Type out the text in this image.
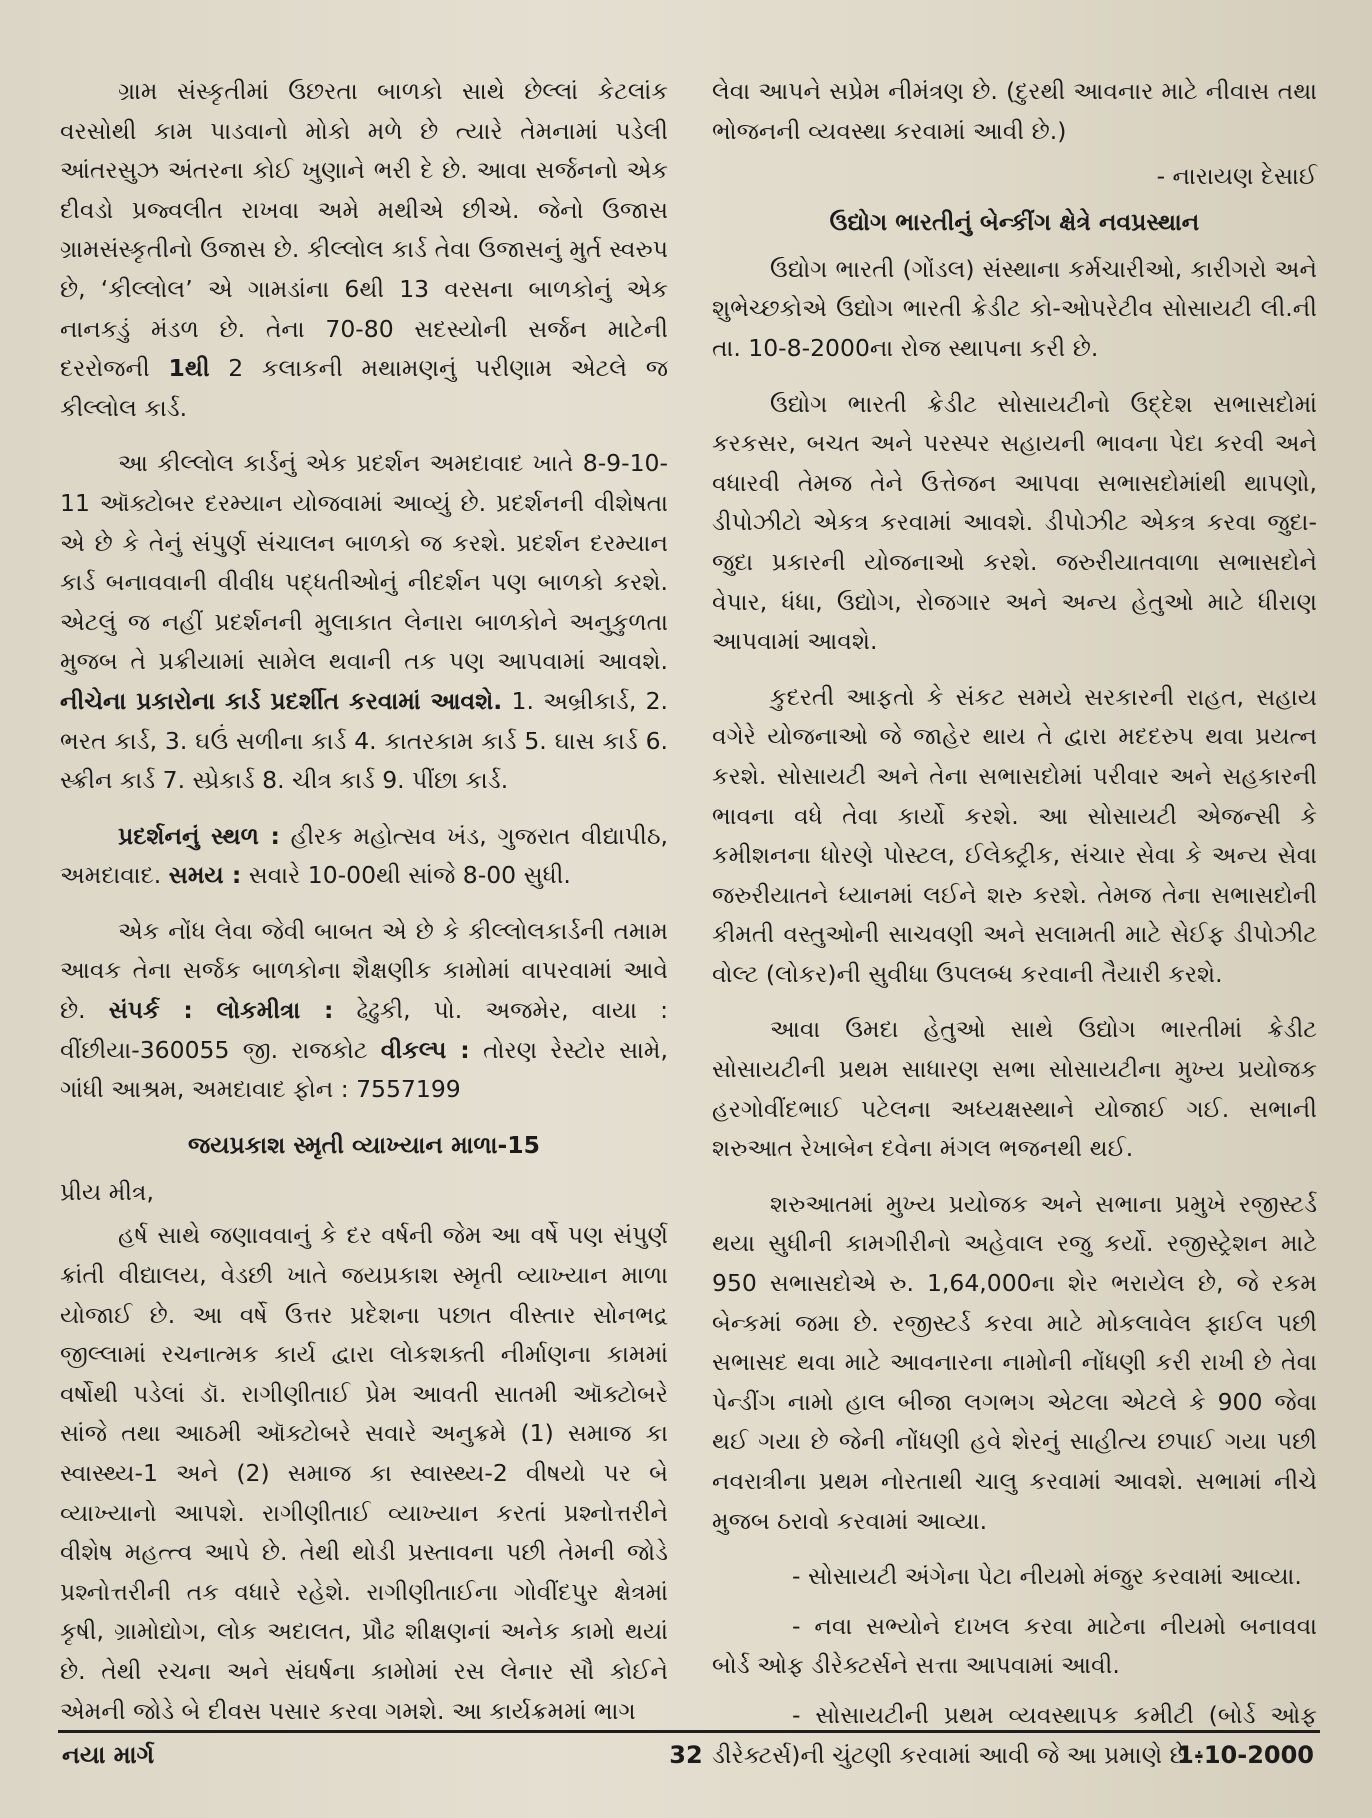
ગ્રામ સંસ્કૃતીમાં ઉછરતા બાળકો સાથે છેલ્લાં કેટલાંક વરસોથી કામ પાડવાનો મોકો મળે છે ત્યારે તેમનામાં પડેલી આંતરસુઝ અંતરના કોઈ ખુણાને ભરી દે છે. આવા સર્જનનો એક દીવડો પ્રજ્વલીત રાખવા અમે મથીએ છીએ. જેનો ઉજાસ ગ્રામસંસ્કૃતીનો ઉજાસ છે. કીલ્લોલ કાર્ડ તેવા ઉજાસનું મુર્ત સ્વરુપ છે, ‘કીલ્લોલ’ એ ગામડાંના 6થી 13 વરસના બાળકોનું એક નાનકડું મંડળ છે. તેના 70-80 સદસ્યોની સર્જન માટેની દરરોજની 1થી 2 કલાકની મથામણનું પરીણામ એટલે જ કીલ્લોલ કાર્ડ.

આ કીલ્લોલ કાર્ડનું એક પ્રદર્શન અમદાવાદ ખાતે 8-9-10-11 ઑક્ટોબર દરમ્યાન યોજવામાં આવ્યું છે. પ્રદર્શનની વીશેષતા એ છે કે તેનું સંપુર્ણ સંચાલન બાળકો જ કરશે. પ્રદર્શન દરમ્યાન કાર્ડ બનાવવાની વીવીધ પદ્ધતીઓનું નીદર્શન પણ બાળકો કરશે. એટલું જ નહીં પ્રદર્શનની મુલાકાત લેનારા બાળકોને અનુકુળતા મુજબ તે પ્રક્રીયામાં સામેલ થવાની તક પણ આપવામાં આવશે. નીચેના પ્રકારોના કાર્ડ પ્રદર્શીત કરવામાં આવશે. 1. અબ્રીકાર્ડ, 2. ભરત કાર્ડ, 3. ઘઉં સળીના કાર્ડ 4. કાતરકામ કાર્ડ 5. ઘાસ કાર્ડ 6. સ્ક્રીન કાર્ડ 7. સ્પ્રેકાર્ડ 8. ચીત્ર કાર્ડ 9. પીંછા કાર્ડ.

પ્રદર્શનનું સ્થળ : હીરક મહોત્સવ ખંડ, ગુજરાત વીદ્યાપીઠ, અમદાવાદ. સમય : સવારે 10-00થી સાંજે 8-00 સુધી.

એક નોંધ લેવા જેવી બાબત એ છે કે કીલ્લોલકાર્ડની તમામ આવક તેના સર્જક બાળકોના શૈક્ષણીક કામોમાં વાપરવામાં આવે છે. સંપર્ક : લોકમીત્રા : ઢેઢુકી, પો. અજમેર, વાયા : વીંછીયા-360055 જી. રાજકોટ વીકલ્પ : તોરણ રેસ્ટોર સામે, ગાંધી આશ્રમ, અમદાવાદ ફોન : 7557199

જયપ્રકાશ સ્મૃતી વ્યાખ્યાન માળા-15

પ્રીય મીત્ર,

હર્ષ સાથે જણાવવાનું કે દર વર્ષની જેમ આ વર્ષે પણ સંપુર્ણ ક્રાંતી વીદ્યાલય, વેડછી ખાતે જયપ્રકાશ સ્મૃતી વ્યાખ્યાન માળા યોજાઈ છે. આ વર્ષે ઉત્તર પ્રદેશના પછાત વીસ્તાર સોનભદ્ર જીલ્લામાં રચનાત્મક કાર્ય દ્વારા લોકશક્તી નીર્માણના કામમાં વર્ષોથી પડેલાં ડૉ. રાગીણીતાઈ પ્રેમ આવતી સાતમી ઑક્ટોબરે સાંજે તથા આઠમી ઑક્ટોબરે સવારે અનુક્રમે (1) સમાજ કા સ્વાસ્થ્ય-1 અને (2) સમાજ કા સ્વાસ્થ્ય-2 વીષયો પર બે વ્યાખ્યાનો આપશે. રાગીણીતાઈ વ્યાખ્યાન કરતાં પ્રશ્નોત્તરીને વીશેષ મહત્ત્વ આપે છે. તેથી થોડી પ્રસ્તાવના પછી તેમની જોડે પ્રશ્નોત્તરીની તક વધારે રહેશે. રાગીણીતાઈના ગોવીંદપુર ક્ષેત્રમાં કૃષી, ગ્રામોદ્યોગ, લોક અદાલત, પ્રૌઢ શીક્ષણનાં અનેક કામો થયાં છે. તેથી રચના અને સંઘર્ષના કામોમાં રસ લેનાર સૌ કોઈને એમની જોડે બે દીવસ પસાર કરવા ગમશે. આ કાર્યક્રમમાં ભાગ

લેવા આપને સપ્રેમ નીમંત્રણ છે. (દુરથી આવનાર માટે નીવાસ તથા ભોજનની વ્યવસ્થા કરવામાં આવી છે.)

- નારાયણ દેસાઈ

ઉદ્યોગ ભારતીનું બેન્કીંગ ક્ષેત્રે નવપ્રસ્થાન

ઉદ્યોગ ભારતી (ગોંડલ) સંસ્થાના કર્મચારીઓ, કારીગરો અને શુભેચ્છકોએ ઉદ્યોગ ભારતી ક્રેડીટ કો-ઓપરેટીવ સોસાયટી લી.ની તા. 10-8-2000ના રોજ સ્થાપના કરી છે.

ઉદ્યોગ ભારતી ક્રેડીટ સોસાયટીનો ઉદ્દેશ સભાસદોમાં કરકસર, બચત અને પરસ્પર સહાયની ભાવના પેદા કરવી અને વધારવી તેમજ તેને ઉત્તેજન આપવા સભાસદોમાંથી થાપણો, ડીપોઝીટો એકત્ર કરવામાં આવશે. ડીપોઝીટ એકત્ર કરવા જુદા-જુદા પ્રકારની યોજનાઓ કરશે. જરુરીયાતવાળા સભાસદોને વેપાર, ધંધા, ઉદ્યોગ, રોજગાર અને અન્ય હેતુઓ માટે ધીરાણ આપવામાં આવશે.

કુદરતી આફતો કે સંકટ સમયે સરકારની રાહત, સહાય વગેરે યોજનાઓ જે જાહેર થાય તે દ્વારા મદદરુપ થવા પ્રયત્ન કરશે. સોસાયટી અને તેના સભાસદોમાં પરીવાર અને સહકારની ભાવના વધે તેવા કાર્યો કરશે. આ સોસાયટી એજન્સી કે કમીશનના ધોરણે પોસ્ટલ, ઈલેક્ટ્રીક, સંચાર સેવા કે અન્ય સેવા જરુરીયાતને ધ્યાનમાં લઈને શરુ કરશે. તેમજ તેના સભાસદોની કીમતી વસ્તુઓની સાચવણી અને સલામતી માટે સેઈફ ડીપોઝીટ વોલ્ટ (લોકર)ની સુવીધા ઉપલબ્ધ કરવાની તૈયારી કરશે.

આવા ઉમદા હેતુઓ સાથે ઉદ્યોગ ભારતીમાં ક્રેડીટ સોસાયટીની પ્રથમ સાધારણ સભા સોસાયટીના મુખ્ય પ્રયોજક હરગોવીંદભાઈ પટેલના અધ્યક્ષસ્થાને યોજાઈ ગઈ. સભાની શરુઆત રેખાબેન દવેના મંગલ ભજનથી થઈ.

શરુઆતમાં મુખ્ય પ્રયોજક અને સભાના પ્રમુખે રજીસ્ટર્ડ થયા સુધીની કામગીરીનો અહેવાલ રજુ કર્યો. રજીસ્ટ્રેશન માટે 950 સભાસદોએ રુ. 1,64,000ના શેર ભરાયેલ છે, જે રકમ બેન્કમાં જમા છે. રજીસ્ટર્ડ કરવા માટે મોકલાવેલ ફાઈલ પછી સભાસદ થવા માટે આવનારના નામોની નોંધણી કરી રાખી છે તેવા પેન્ડીંગ નામો હાલ બીજા લગભગ એટલા એટલે કે 900 જેવા થઈ ગયા છે જેની નોંધણી હવે શેરનું સાહીત્ય છપાઈ ગયા પછી નવરાત્રીના પ્રથમ નોરતાથી ચાલુ કરવામાં આવશે. સભામાં નીચે મુજબ ઠરાવો કરવામાં આવ્યા.

- સોસાયટી અંગેના પેટા નીયમો મંજુર કરવામાં આવ્યા.

- નવા સભ્યોને દાખલ કરવા માટેના નીયમો બનાવવા બોર્ડ ઓફ ડીરેક્ટર્સને સત્તા આપવામાં આવી.

- સોસાયટીની પ્રથમ વ્યવસ્થાપક કમીટી (બોર્ડ ઓફ ડીરેક્ટર્સ)ની ચુંટણી કરવામાં આવી જે આ પ્રમાણે છે :

નયા માર્ગ	32	1-10-2000
